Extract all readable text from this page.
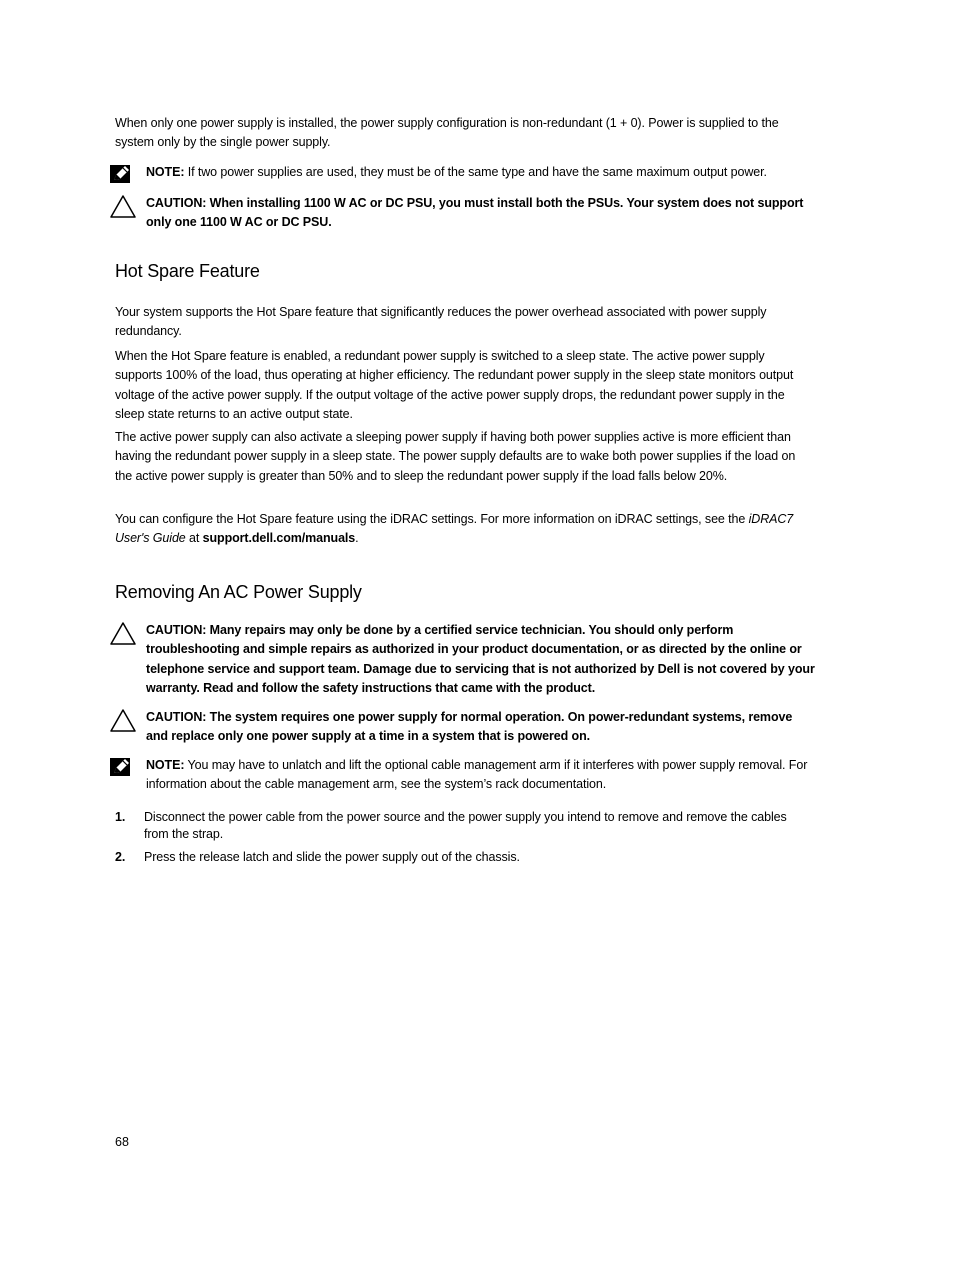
When only one power supply is installed, the power supply configuration is non-redundant (1 + 0). Power is supplied to the system only by the single power supply.
NOTE: If two power supplies are used, they must be of the same type and have the same maximum output power.
CAUTION: When installing 1100 W AC or DC PSU, you must install both the PSUs. Your system does not support only one 1100 W AC or DC PSU.
Hot Spare Feature
Your system supports the Hot Spare feature that significantly reduces the power overhead associated with power supply redundancy.
When the Hot Spare feature is enabled, a redundant power supply is switched to a sleep state. The active power supply supports 100% of the load, thus operating at higher efficiency. The redundant power supply in the sleep state monitors output voltage of the active power supply. If the output voltage of the active power supply drops, the redundant power supply in the sleep state returns to an active output state.
The active power supply can also activate a sleeping power supply if having both power supplies active is more efficient than having the redundant power supply in a sleep state. The power supply defaults are to wake both power supplies if the load on the active power supply is greater than 50% and to sleep the redundant power supply if the load falls below 20%.
You can configure the Hot Spare feature using the iDRAC settings. For more information on iDRAC settings, see the iDRAC7 User's Guide at support.dell.com/manuals.
Removing An AC Power Supply
CAUTION: Many repairs may only be done by a certified service technician. You should only perform troubleshooting and simple repairs as authorized in your product documentation, or as directed by the online or telephone service and support team. Damage due to servicing that is not authorized by Dell is not covered by your warranty. Read and follow the safety instructions that came with the product.
CAUTION: The system requires one power supply for normal operation. On power-redundant systems, remove and replace only one power supply at a time in a system that is powered on.
NOTE: You may have to unlatch and lift the optional cable management arm if it interferes with power supply removal. For information about the cable management arm, see the system’s rack documentation.
1. Disconnect the power cable from the power source and the power supply you intend to remove and remove the cables from the strap.
2. Press the release latch and slide the power supply out of the chassis.
68
